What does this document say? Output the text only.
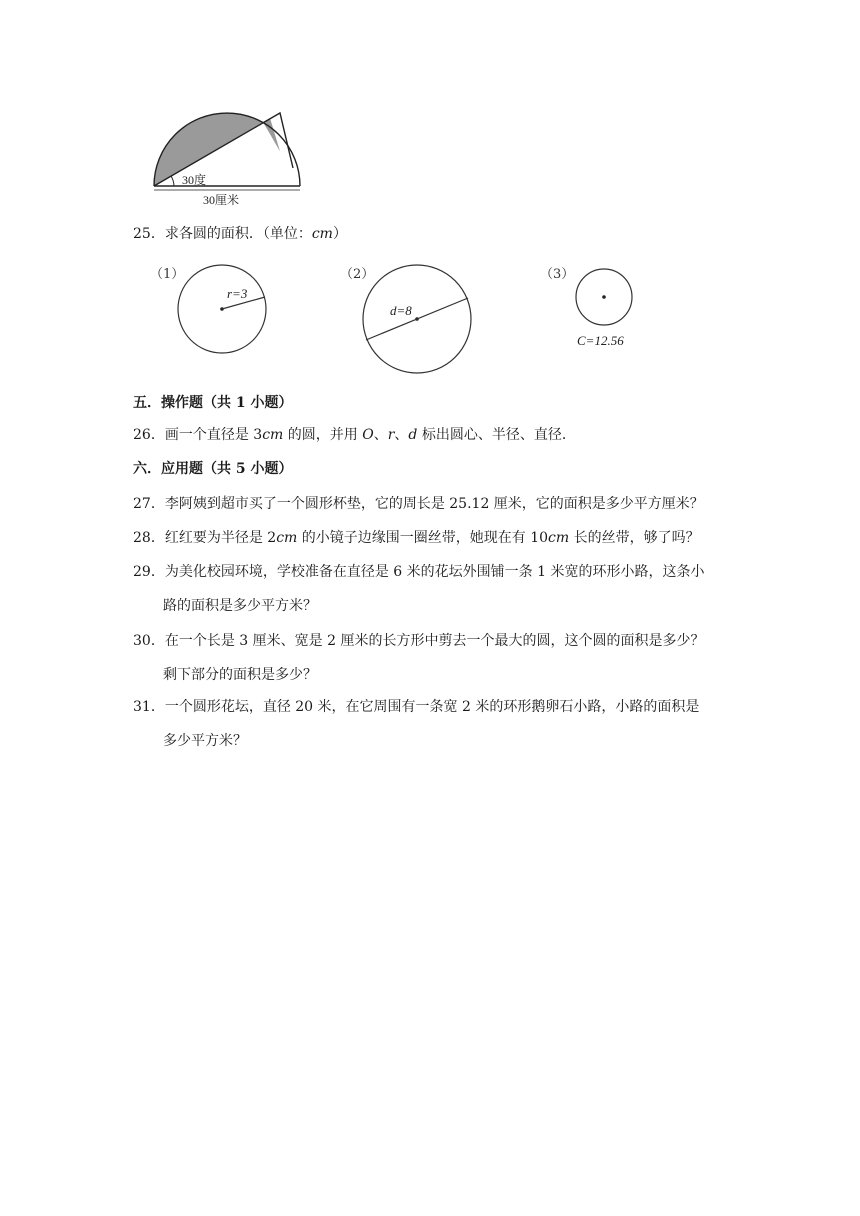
30度
30厘米
25．求各圆的面积．（单位：cm）
（1）
r=3
（2）
d=8
（3）
C=12.56
五．操作题（共 1 小题）
26．画一个直径是 3cm 的圆，并用 O、r、d 标出圆心、半径、直径．
六．应用题（共 5 小题）
27．李阿姨到超市买了一个圆形杯垫，它的周长是 25.12 厘米，它的面积是多少平方厘米？
28．红红要为半径是 2cm 的小镜子边缘围一圈丝带，她现在有 10cm 长的丝带，够了吗？
29．为美化校园环境，学校准备在直径是 6 米的花坛外围铺一条 1 米宽的环形小路，这条小
路的面积是多少平方米？
30．在一个长是 3 厘米、宽是 2 厘米的长方形中剪去一个最大的圆，这个圆的面积是多少？
剩下部分的面积是多少？
31．一个圆形花坛，直径 20 米，在它周围有一条宽 2 米的环形鹅卵石小路，小路的面积是
多少平方米？
